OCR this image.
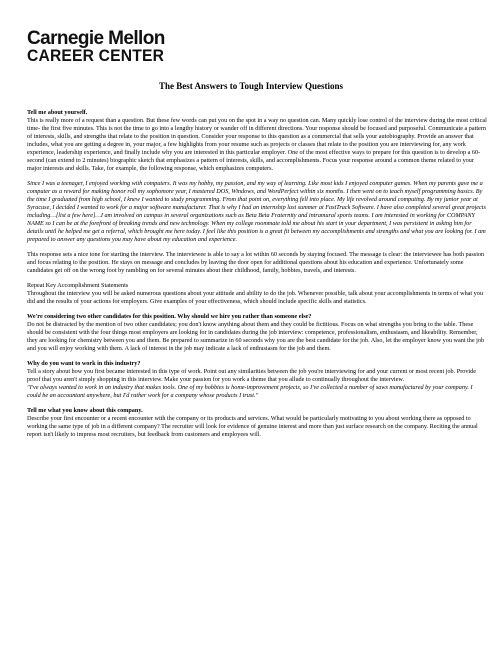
Carnegie Mellon
CAREER CENTER
The Best Answers to Tough Interview Questions

Tell me about yourself.
This is really more of a request than a question. But these few words can put you on the spot in a way no question can. Many quickly lose control of the interview during the most critical time- the first five minutes. This is not the time to go into a lengthy history or wander off in different directions. Your response should be focused and purposeful. Communicate a pattern of interests, skills, and strengths that relate to the position in question. Consider your response to this question as a commercial that sells your autobiography. Provide an answer that includes, what you are getting a degree in, your major, a few highlights from your resume such as projects or classes that relate to the position you are interviewing for, any work experience, leadership experience, and finally include why you are interested in this particular employer. One of the most effective ways to prepare for this question is to develop a 60-second (can extend to 2 minutes) biographic sketch that emphasizes a pattern of interests, skills, and accomplishments. Focus your response around a common theme related to your major interests and skills. Take, for example, the following response, which emphasizes computers.

Since I was a teenager, I enjoyed working with computers. It was my hobby, my passion, and my way of learning. Like most kids I enjoyed computer games. When my parents gave me a computer as a reward for making honor roll my sophomore year, I mastered DOS, Windows, and WordPerfect within six months. I then went on to teach myself programming basics. By the time I graduated from high school, I knew I wanted to study programming. From that point on, everything fell into place. My life revolved around computing. By my junior year at Syracuse, I decided I wanted to work for a major software manufacturer. That is why I had an internship last summer at FastTrack Software. I have also completed several great projects including…[list a few here]…I am involved on campus in several organizations such as Beta Beta Fraternity and intramural sports teams. I am interested in working for COMPANY NAME so I can be at the forefront of breaking trends and new technology. When my college roommate told me about his start in your department, I was persistent in asking him for details until he helped me get a referral, which brought me here today. I feel like this position is a great fit between my accomplishments and strengths and what you are looking for. I am prepared to answer any questions you may have about my education and experience.

This response sets a nice tone for starting the interview. The interviewee is able to say a lot within 60 seconds by staying focused. The message is clear: the interviewee has both passion and focus relating to the position. He stays on message and concludes by leaving the door open for additional questions about his education and experience. Unfortunately some candidates get off on the wrong foot by rambling on for several minutes about their childhood, family, hobbies, travels, and interests.

Repeat Key Accomplishment Statements
Throughout the interview you will be asked numerous questions about your attitude and ability to do the job. Whenever possible, talk about your accomplishments in terms of what you did and the results of your actions for employers. Give examples of your effectiveness, which should include specific skills and statistics.

We're considering two other candidates for this position. Why should we hire you rather than someone else?
Do not be distracted by the mention of two other candidates; you don't know anything about them and they could be fictitious. Focus on what strengths you bring to the table. These should be consistent with the four things most employers are looking for in candidates during the job interview: competence, professionalism, enthusiasm, and likeability. Remember, they are looking for chemistry between you and them. Be prepared to summarize in 60 seconds why you are the best candidate for the job. Also, let the employer know you want the job and you will enjoy working with them. A lack of interest in the job may indicate a lack of enthusiasm for the job and them.

Why do you want to work in this industry?
Tell a story about how you first became interested in this type of work. Point out any similarities between the job you're interviewing for and your current or most recent job. Provide proof that you aren't simply shopping in this interview. Make your passion for you work a theme that you allude to continually throughout the interview.
"I've always wanted to work in an industry that makes tools. One of my hobbies is home-improvement projects, so I've collected a number of saws manufactured by your company. I could be an accountant anywhere, but I'd rather work for a company whose products I trust."

Tell me what you know about this company.
Describe your first encounter or a recent encounter with the company or its products and services. What would be particularly motivating to you about working there as opposed to working the same type of job in a different company? The recruiter will look for evidence of genuine interest and more than just surface research on the company. Reciting the annual report isn't likely to impress most recruiters, but feedback from customers and employees will.
